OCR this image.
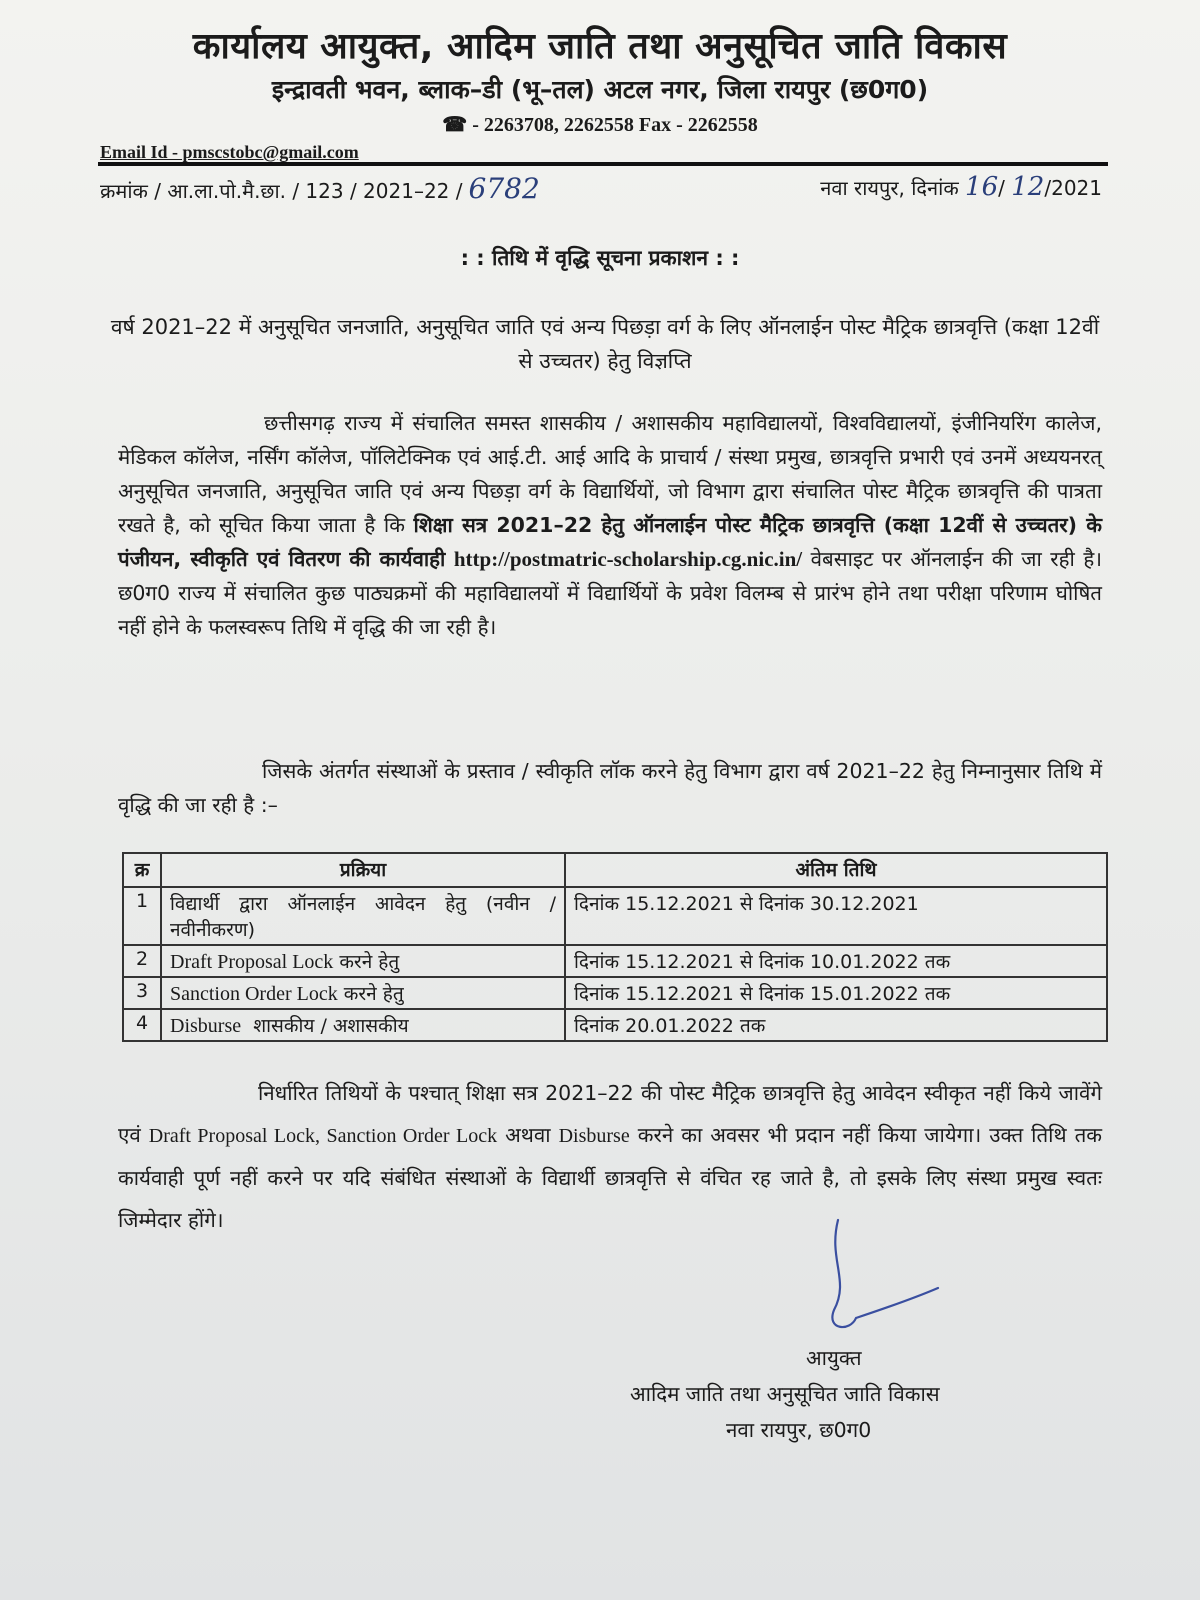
कार्यालय आयुक्त, आदिम जाति तथा अनुसूचित जाति विकास
इन्द्रावती भवन, ब्लाक–डी (भू–तल) अटल नगर, जिला रायपुर (छ0ग0)
☎ - 2263708, 2262558 Fax - 2262558
Email Id - pmscstobc@gmail.com
क्रमांक / आ.ला.पो.मै.छा. / 123 / 2021–22 / 6782	नवा रायपुर, दिनांक 16/ 12/2021
: : तिथि में वृद्धि सूचना प्रकाशन : :
वर्ष 2021–22 में अनुसूचित जनजाति, अनुसूचित जाति एवं अन्य पिछड़ा वर्ग के लिए ऑनलाईन पोस्ट मैट्रिक छात्रवृत्ति (कक्षा 12वीं से उच्चतर) हेतु विज्ञप्ति
छत्तीसगढ़ राज्य में संचालित समस्त शासकीय / अशासकीय महाविद्यालयों, विश्वविद्यालयों, इंजीनियरिंग कालेज, मेडिकल कॉलेज, नर्सिंग कॉलेज, पॉलिटेक्निक एवं आई.टी. आई आदि के प्राचार्य / संस्था प्रमुख, छात्रवृत्ति प्रभारी एवं उनमें अध्ययनरत् अनुसूचित जनजाति, अनुसूचित जाति एवं अन्य पिछड़ा वर्ग के विद्यार्थियों, जो विभाग द्वारा संचालित पोस्ट मैट्रिक छात्रवृत्ति की पात्रता रखते है, को सूचित किया जाता है कि शिक्षा सत्र 2021–22 हेतु ऑनलाईन पोस्ट मैट्रिक छात्रवृत्ति (कक्षा 12वीं से उच्चतर) के पंजीयन, स्वीकृति एवं वितरण की कार्यवाही http://postmatric-scholarship.cg.nic.in/ वेबसाइट पर ऑनलाईन की जा रही है। छ0ग0 राज्य में संचालित कुछ पाठ्यक्रमों की महाविद्यालयों में विद्यार्थियों के प्रवेश विलम्ब से प्रारंभ होने तथा परीक्षा परिणाम घोषित नहीं होने के फलस्वरूप तिथि में वृद्धि की जा रही है।
जिसके अंतर्गत संस्थाओं के प्रस्ताव / स्वीकृति लॉक करने हेतु विभाग द्वारा वर्ष 2021–22 हेतु निम्नानुसार तिथि में वृद्धि की जा रही है :–
क्र	प्रक्रिया	अंतिम तिथि
1	विद्यार्थी द्वारा ऑनलाईन आवेदन हेतु (नवीन / नवीनीकरण)	दिनांक 15.12.2021 से दिनांक 30.12.2021
2	Draft Proposal Lock करने हेतु	दिनांक 15.12.2021 से दिनांक 10.01.2022 तक
3	Sanction Order Lock करने हेतु	दिनांक 15.12.2021 से दिनांक 15.01.2022 तक
4	Disburse शासकीय / अशासकीय	दिनांक 20.01.2022 तक
निर्धारित तिथियों के पश्चात् शिक्षा सत्र 2021–22 की पोस्ट मैट्रिक छात्रवृत्ति हेतु आवेदन स्वीकृत नहीं किये जावेंगे एवं Draft Proposal Lock, Sanction Order Lock अथवा Disburse करने का अवसर भी प्रदान नहीं किया जायेगा। उक्त तिथि तक कार्यवाही पूर्ण नहीं करने पर यदि संबंधित संस्थाओं के विद्यार्थी छात्रवृत्ति से वंचित रह जाते है, तो इसके लिए संस्था प्रमुख स्वतः जिम्मेदार होंगे।
आयुक्त
आदिम जाति तथा अनुसूचित जाति विकास
नवा रायपुर, छ0ग0
